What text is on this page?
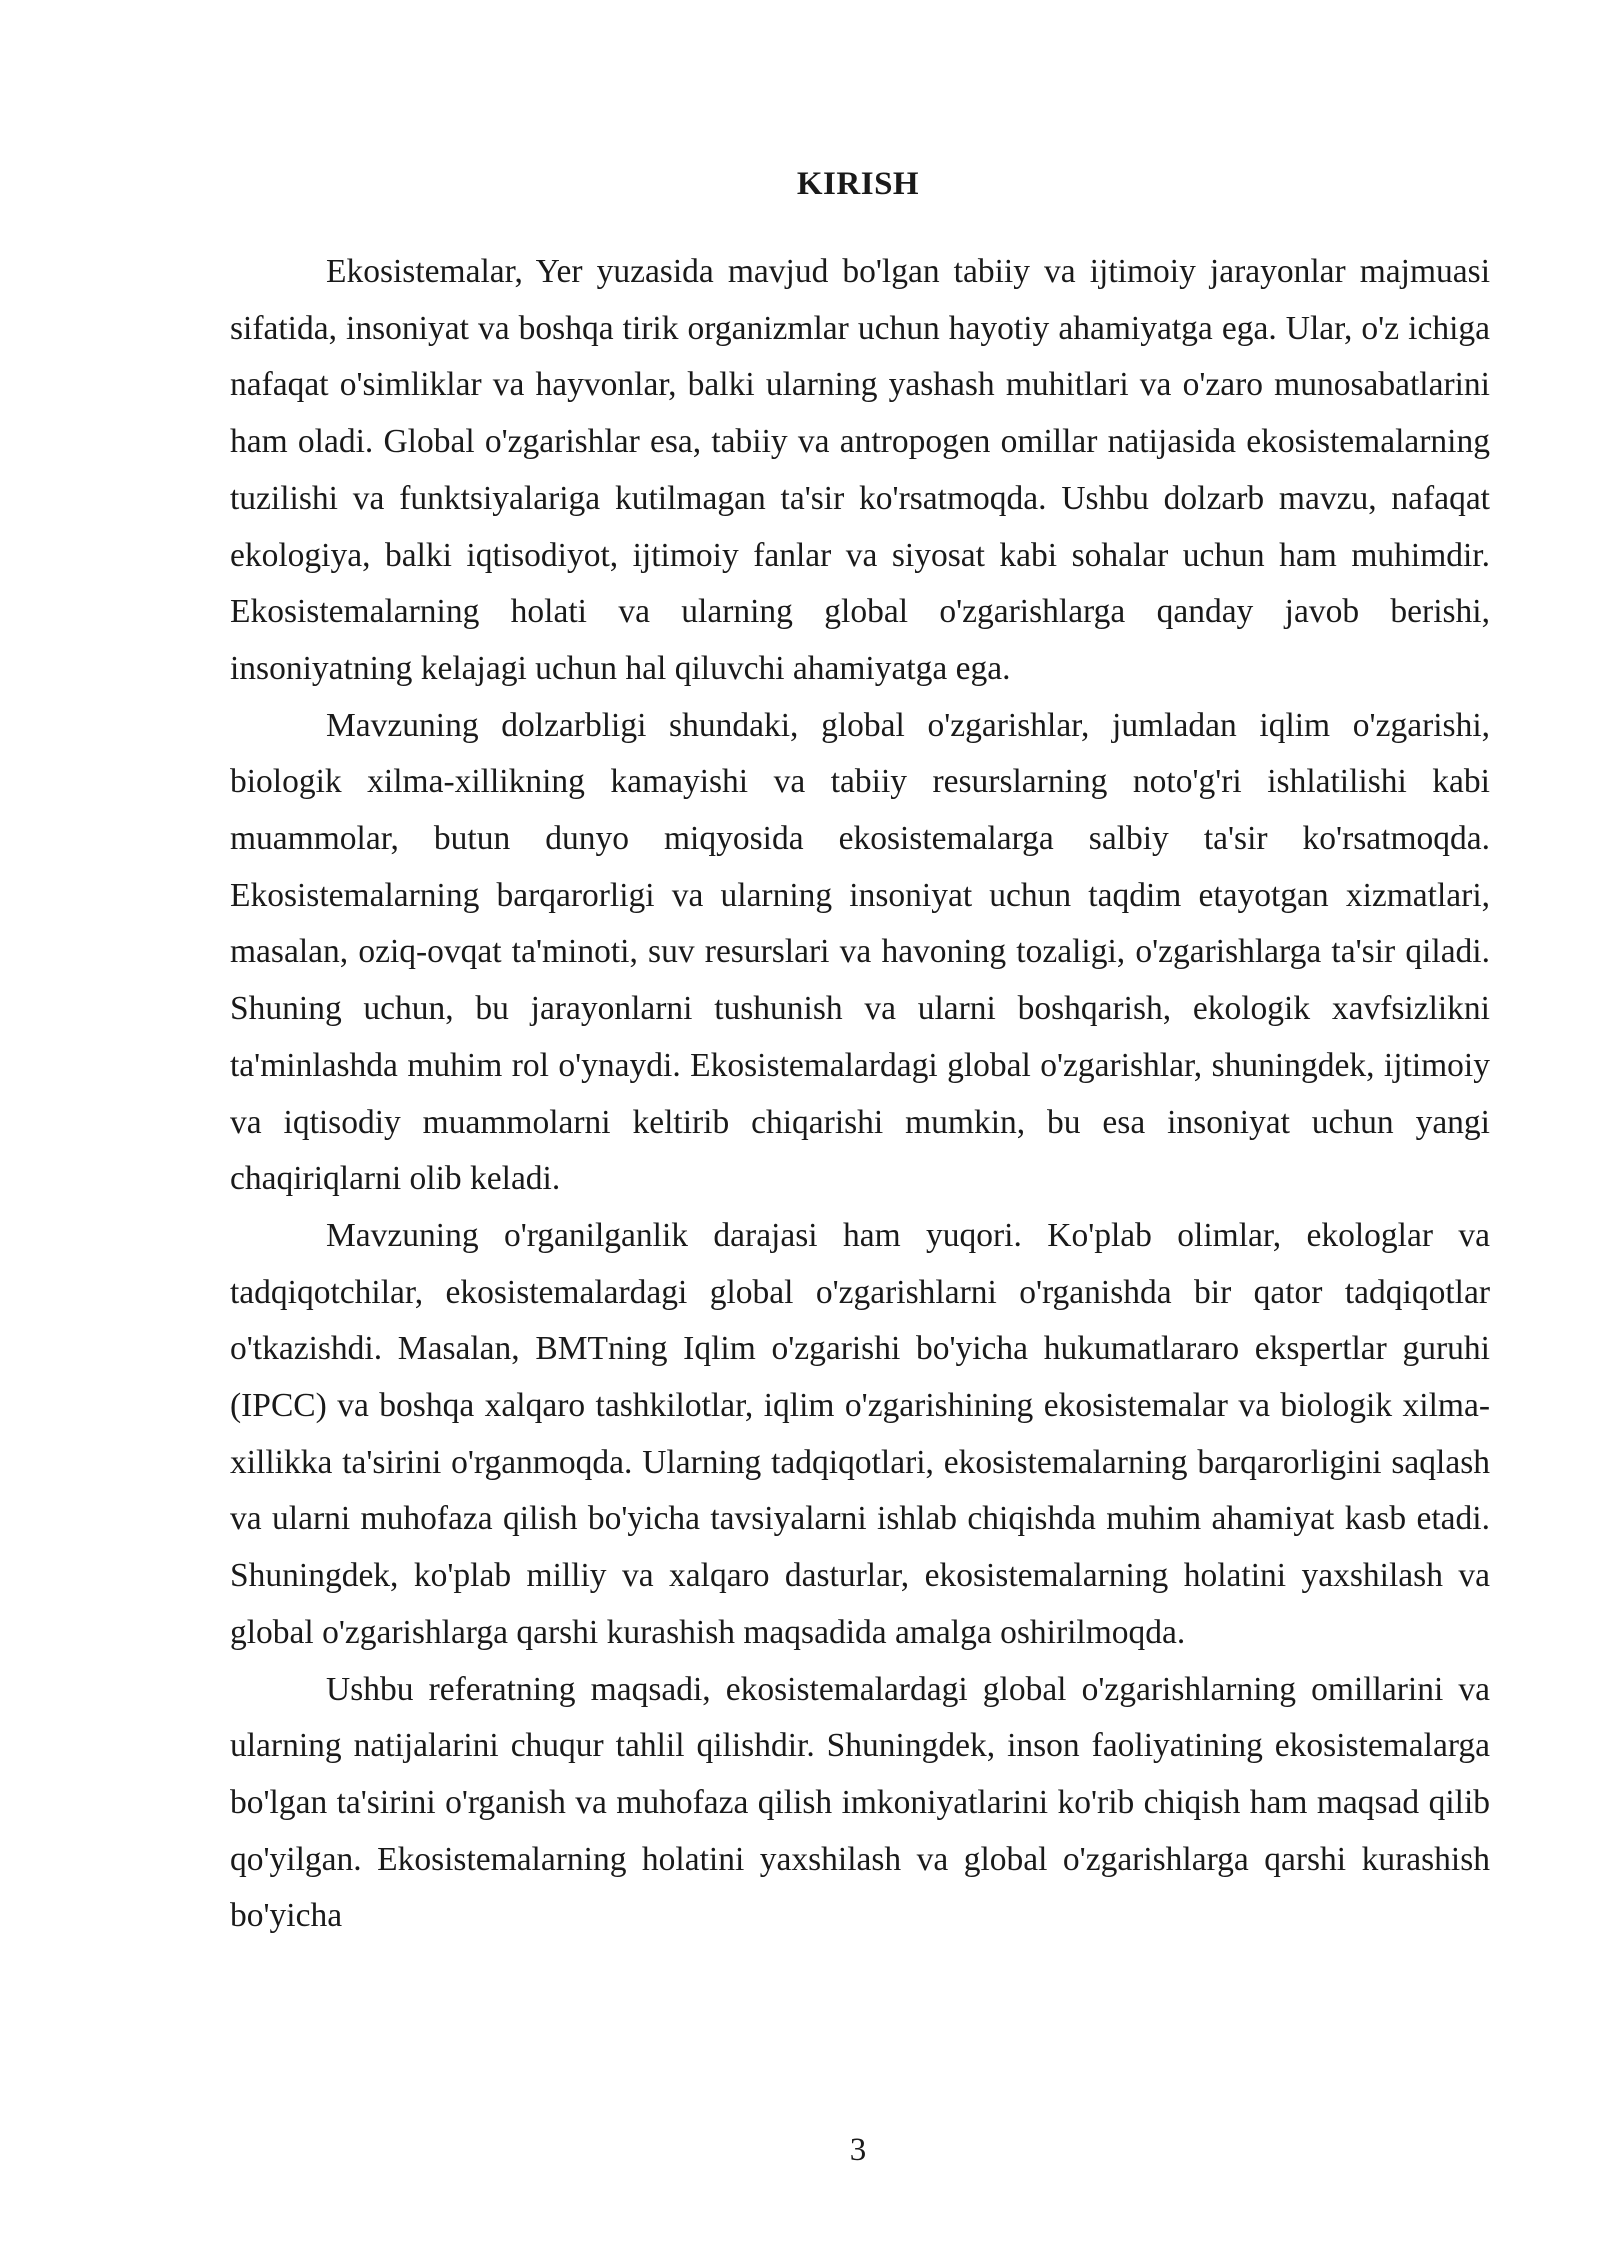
KIRISH

Ekosistemalar, Yer yuzasida mavjud bo'lgan tabiiy va ijtimoiy jarayonlar majmuasi sifatida, insoniyat va boshqa tirik organizmlar uchun hayotiy ahamiyatga ega. Ular, o'z ichiga nafaqat o'simliklar va hayvonlar, balki ularning yashash muhitlari va o'zaro munosabatlarini ham oladi. Global o'zgarishlar esa, tabiiy va antropogen omillar natijasida ekosistemalarning tuzilishi va funktsiyalariga kutilmagan ta'sir ko'rsatmoqda. Ushbu dolzarb mavzu, nafaqat ekologiya, balki iqtisodiyot, ijtimoiy fanlar va siyosat kabi sohalar uchun ham muhimdir. Ekosistemalarning holati va ularning global o'zgarishlarga qanday javob berishi, insoniyatning kelajagi uchun hal qiluvchi ahamiyatga ega.

Mavzuning dolzarbligi shundaki, global o'zgarishlar, jumladan iqlim o'zgarishi, biologik xilma-xillikning kamayishi va tabiiy resurslarning noto'g'ri ishlatilishi kabi muammolar, butun dunyo miqyosida ekosistemalarga salbiy ta'sir ko'rsatmoqda. Ekosistemalarning barqarorligi va ularning insoniyat uchun taqdim etayotgan xizmatlari, masalan, oziq-ovqat ta'minoti, suv resurslari va havoning tozaligi, o'zgarishlarga ta'sir qiladi. Shuning uchun, bu jarayonlarni tushunish va ularni boshqarish, ekologik xavfsizlikni ta'minlashda muhim rol o'ynaydi. Ekosistemalardagi global o'zgarishlar, shuningdek, ijtimoiy va iqtisodiy muammolarni keltirib chiqarishi mumkin, bu esa insoniyat uchun yangi chaqiriqlarni olib keladi.

Mavzuning o'rganilganlik darajasi ham yuqori. Ko'plab olimlar, ekologlar va tadqiqotchilar, ekosistemalardagi global o'zgarishlarni o'rganishda bir qator tadqiqotlar o'tkazishdi. Masalan, BMTning Iqlim o'zgarishi bo'yicha hukumatlararo ekspertlar guruhi (IPCC) va boshqa xalqaro tashkilotlar, iqlim o'zgarishining ekosistemalar va biologik xilma-xillikka ta'sirini o'rganmoqda. Ularning tadqiqotlari, ekosistemalarning barqarorligini saqlash va ularni muhofaza qilish bo'yicha tavsiyalarni ishlab chiqishda muhim ahamiyat kasb etadi. Shuningdek, ko'plab milliy va xalqaro dasturlar, ekosistemalarning holatini yaxshilash va global o'zgarishlarga qarshi kurashish maqsadida amalga oshirilmoqda.

Ushbu referatning maqsadi, ekosistemalardagi global o'zgarishlarning omillarini va ularning natijalarini chuqur tahlil qilishdir. Shuningdek, inson faoliyatining ekosistemalarga bo'lgan ta'sirini o'rganish va muhofaza qilish imkoniyatlarini ko'rib chiqish ham maqsad qilib qo'yilgan. Ekosistemalarning holatini yaxshilash va global o'zgarishlarga qarshi kurashish bo'yicha

3
